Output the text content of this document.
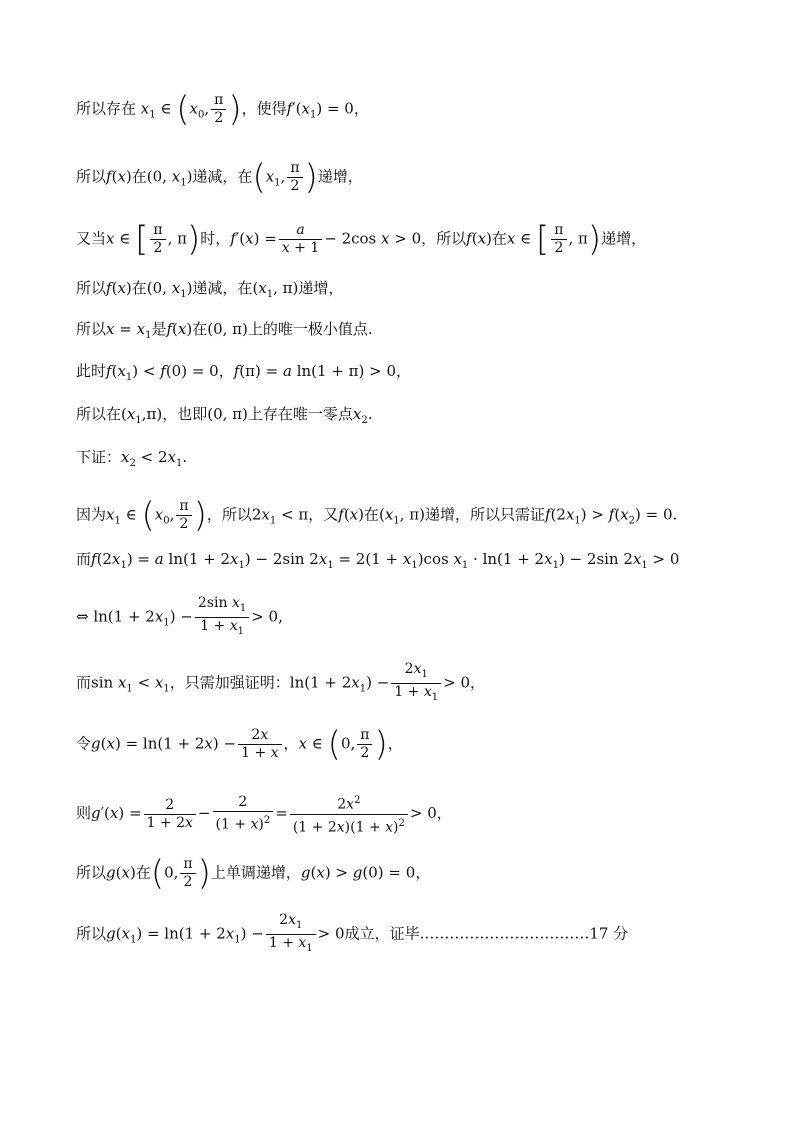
所以存在 $x_1$ ∈ ($x_0$, $\frac{\pi}{2}$ )，使得$f'(x_1) = 0$，
所以f(x)在(0, $x_1$)递减，在($x_1$, $\frac{\pi}{2}$ )递增，
又当x ∈ [ $\frac{\pi}{2}$ , π)时，$f'(x) = \frac{a}{x + 1} - 2\cos$ x > 0，所以f(x)在x ∈ [ $\frac{\pi}{2}$ , π)递增，
所以f(x)在(0, $x_1$)递减，在($x_1$, π)递增，
所以$x = x_1$是f(x)在(0, π)上的唯一极小值点.
此时$f(x_1) < f(0) = 0$，f(π) = a ln(1 + π) > 0，
所以在$(x_1,\pi)$，也即(0, π)上存在唯一零点$x_2$.
下证：$x_2 < 2x_1$.
因为$x_1$ ∈ ($x_0$, $\frac{\pi}{2}$ )，所以$2x_1 < \pi$，又f(x)在($x_1$, π)递增，所以只需证$f(2x_1) > f(x_2) = 0$.
而$f(2x_1) = a$ $\ln(1 + 2x_1) - 2\sin$ $2x_1 = 2(1 + x_1)\cos$ $x_1 \cdot \ln(1 + 2x_1) - 2\sin$ $2x_1 > 0$
⇔ $\ln(1 + 2x_1) - \frac{2\sin x_1}{1 + x_1} > 0$,
而$\sin x_1 < x_1$，只需加强证明：$\ln(1 + 2x_1) - \frac{2x_1}{1 + x_1} > 0$，
令$g(x) = \ln(1 + 2x) - \frac{2x}{1 + x}$ ，x ∈ (0, $\frac{\pi}{2}$ )，
则$g'(x) = \frac{2}{1 + 2x} - \frac{2}{(1 + x)^2} = \frac{2x^2}{(1 + 2x)(1 + x)^2} > 0$，
所以g(x)在(0, $\frac{\pi}{2}$ )上单调递增，g(x) > g(0) = 0，
所以$g(x_1) = \ln(1 + 2x_1) - \frac{2x_1}{1 + x_1} > 0$成立，证毕.……………………………17 分
